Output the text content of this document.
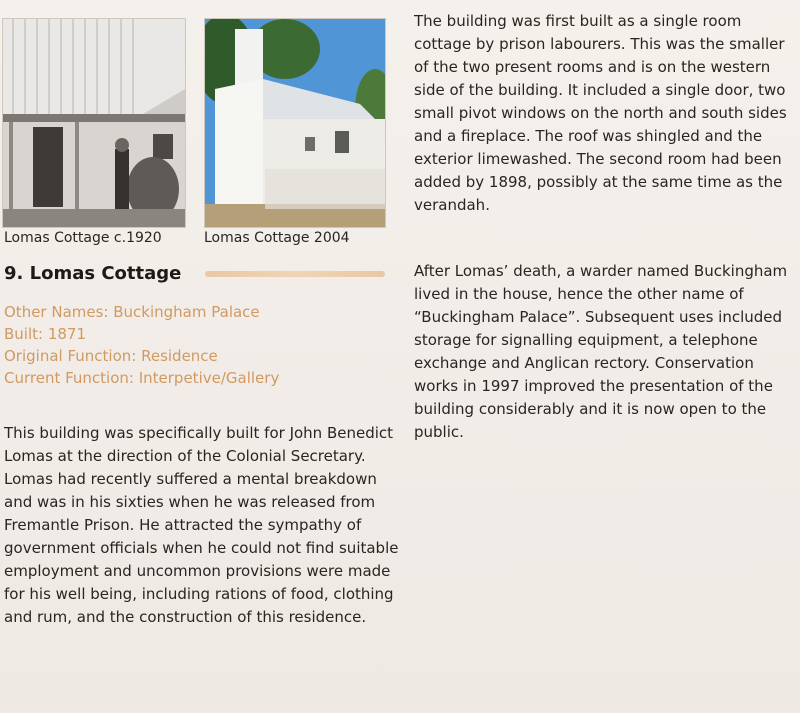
Lomas Cottage c.1920	Lomas Cottage 2004
9. Lomas Cottage
Other Names: Buckingham Palace
Built: 1871
Original Function: Residence
Current Function: Interpetive/Gallery

This building was specifically built for John Benedict Lomas at the direction of the Colonial Secretary. Lomas had recently suffered a mental breakdown and was in his sixties when he was released from Fremantle Prison. He attracted the sympathy of government officials when he could not find suitable employment and uncommon provisions were made for his well being, including rations of food, clothing and rum, and the construction of this residence.

The building was first built as a single room cottage by prison labourers. This was the smaller of the two present rooms and is on the western side of the building. It included a single door, two small pivot windows on the north and south sides and a fireplace. The roof was shingled and the exterior limewashed. The second room had been added by 1898, possibly at the same time as the verandah.

After Lomas’ death, a warder named Buckingham lived in the house, hence the other name of “Buckingham Palace”. Subsequent uses included storage for signalling equipment, a telephone exchange and Anglican rectory. Conservation works in 1997 improved the presentation of the building considerably and it is now open to the public.
